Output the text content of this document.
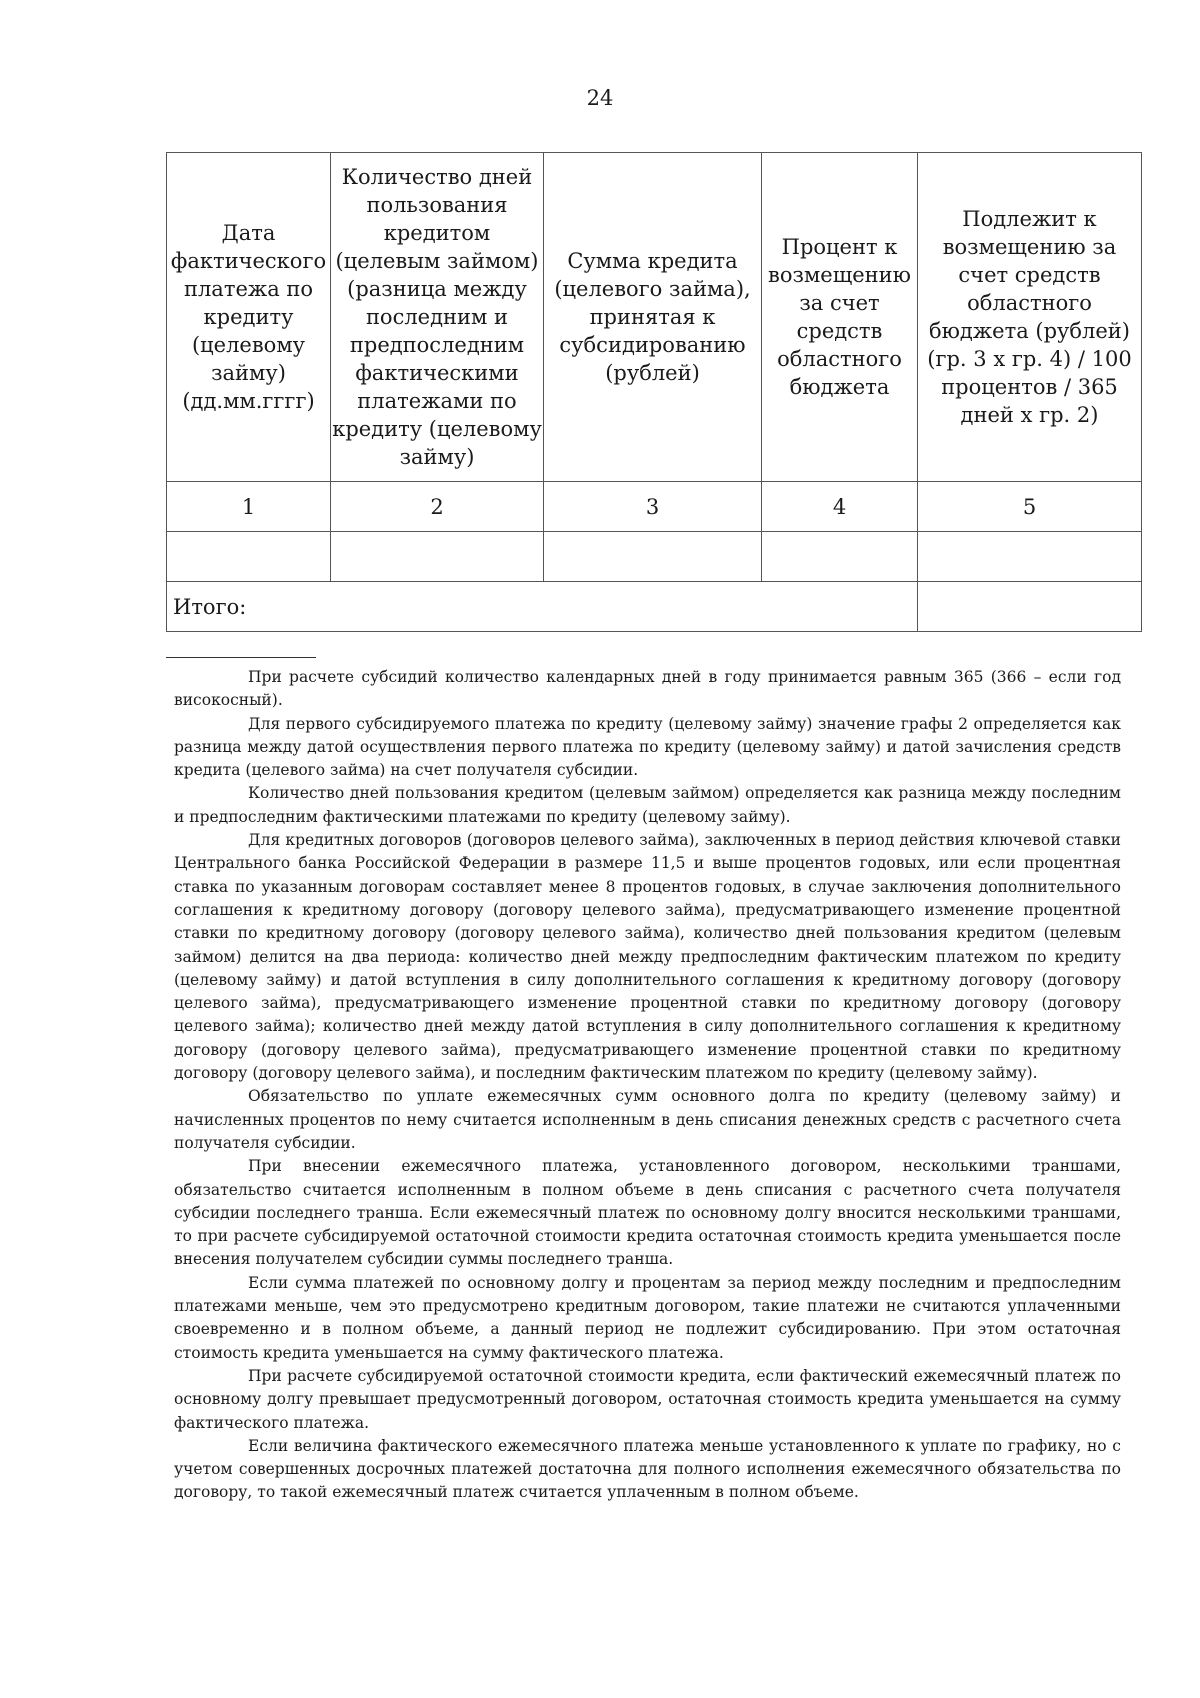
24
Дата фактического платежа по кредиту (целевому займу) (дд.мм.гггг)	Количество дней пользования кредитом (целевым займом) (разница между последним и предпоследним фактическими платежами по кредиту (целевому займу)	Сумма кредита (целевого займа), принятая к субсидированию (рублей)	Процент к возмещению за счет средств областного бюджета	Подлежит к возмещению за счет средств областного бюджета (рублей) (гр. 3 х гр. 4) / 100 процентов / 365 дней х гр. 2)
1	2	3	4	5

Итого:				

При расчете субсидий количество календарных дней в году принимается равным 365 (366 – если год високосный).

Для первого субсидируемого платежа по кредиту (целевому займу) значение графы 2 определяется как разница между датой осуществления первого платежа по кредиту (целевому займу) и датой зачисления средств кредита (целевого займа) на счет получателя субсидии.

Количество дней пользования кредитом (целевым займом) определяется как разница между последним и предпоследним фактическими платежами по кредиту (целевому займу).

Для кредитных договоров (договоров целевого займа), заключенных в период действия ключевой ставки Центрального банка Российской Федерации в размере 11,5 и выше процентов годовых, или если процентная ставка по указанным договорам составляет менее 8 процентов годовых, в случае заключения дополнительного соглашения к кредитному договору (договору целевого займа), предусматривающего изменение процентной ставки по кредитному договору (договору целевого займа), количество дней пользования кредитом (целевым займом) делится на два периода: количество дней между предпоследним фактическим платежом по кредиту (целевому займу) и датой вступления в силу дополнительного соглашения к кредитному договору (договору целевого займа), предусматривающего изменение процентной ставки по кредитному договору (договору целевого займа); количество дней между датой вступления в силу дополнительного соглашения к кредитному договору (договору целевого займа), предусматривающего изменение процентной ставки по кредитному договору (договору целевого займа), и последним фактическим платежом по кредиту (целевому займу).

Обязательство по уплате ежемесячных сумм основного долга по кредиту (целевому займу) и начисленных процентов по нему считается исполненным в день списания денежных средств с расчетного счета получателя субсидии.

При внесении ежемесячного платежа, установленного договором, несколькими траншами, обязательство считается исполненным в полном объеме в день списания с расчетного счета получателя субсидии последнего транша. Если ежемесячный платеж по основному долгу вносится несколькими траншами, то при расчете субсидируемой остаточной стоимости кредита остаточная стоимость кредита уменьшается после внесения получателем субсидии суммы последнего транша.

Если сумма платежей по основному долгу и процентам за период между последним и предпоследним платежами меньше, чем это предусмотрено кредитным договором, такие платежи не считаются уплаченными своевременно и в полном объеме, а данный период не подлежит субсидированию. При этом остаточная стоимость кредита уменьшается на сумму фактического платежа.

При расчете субсидируемой остаточной стоимости кредита, если фактический ежемесячный платеж по основному долгу превышает предусмотренный договором, остаточная стоимость кредита уменьшается на сумму фактического платежа.

Если величина фактического ежемесячного платежа меньше установленного к уплате по графику, но с учетом совершенных досрочных платежей достаточна для полного исполнения ежемесячного обязательства по договору, то такой ежемесячный платеж считается уплаченным в полном объеме.
